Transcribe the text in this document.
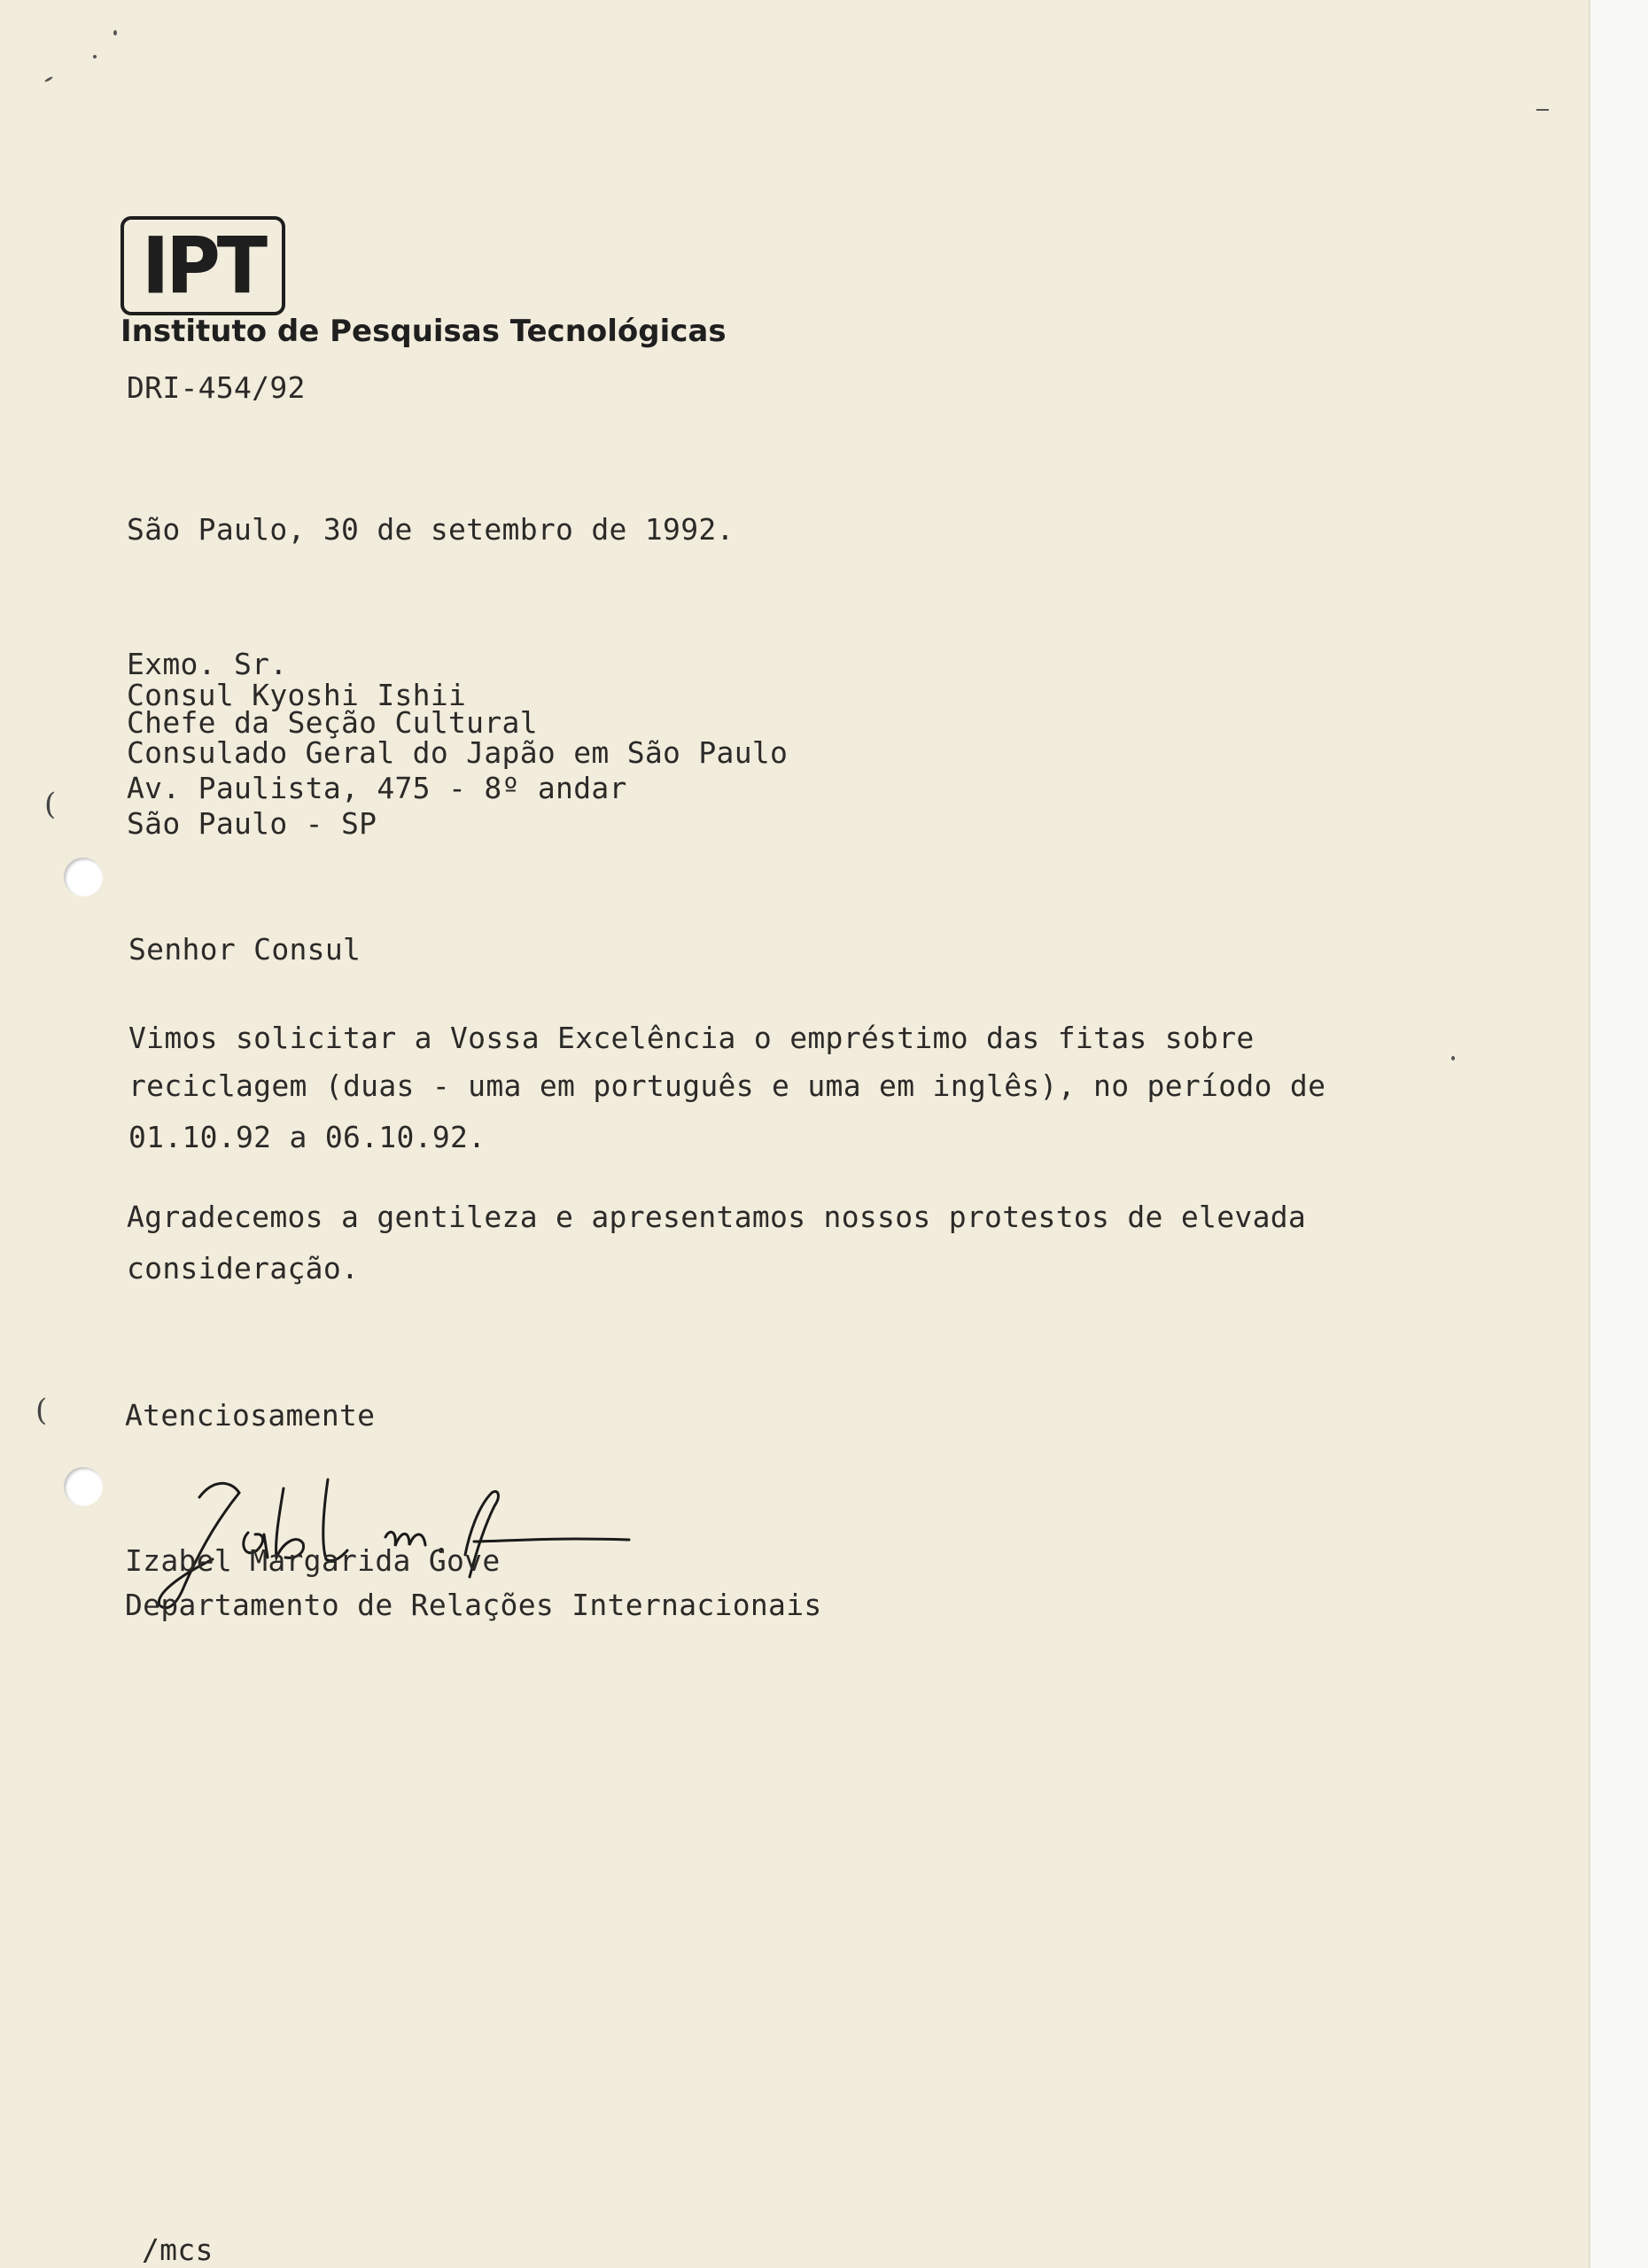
IPT
Instituto de Pesquisas Tecnológicas
DRI-454/92
São Paulo, 30 de setembro de 1992.
Exmo. Sr.
Consul Kyoshi Ishii
Chefe da Seção Cultural
Consulado Geral do Japão em São Paulo
Av. Paulista, 475 - 8º andar
São Paulo - SP
Senhor Consul
Vimos solicitar a Vossa Excelência o empréstimo das fitas sobre
reciclagem (duas - uma em português e uma em inglês), no período de
01.10.92 a 06.10.92.
Agradecemos a gentileza e apresentamos nossos protestos de elevada
consideração.
Atenciosamente
Izabel Margarida Gove
Departamento de Relações Internacionais
/mcs
(
(
